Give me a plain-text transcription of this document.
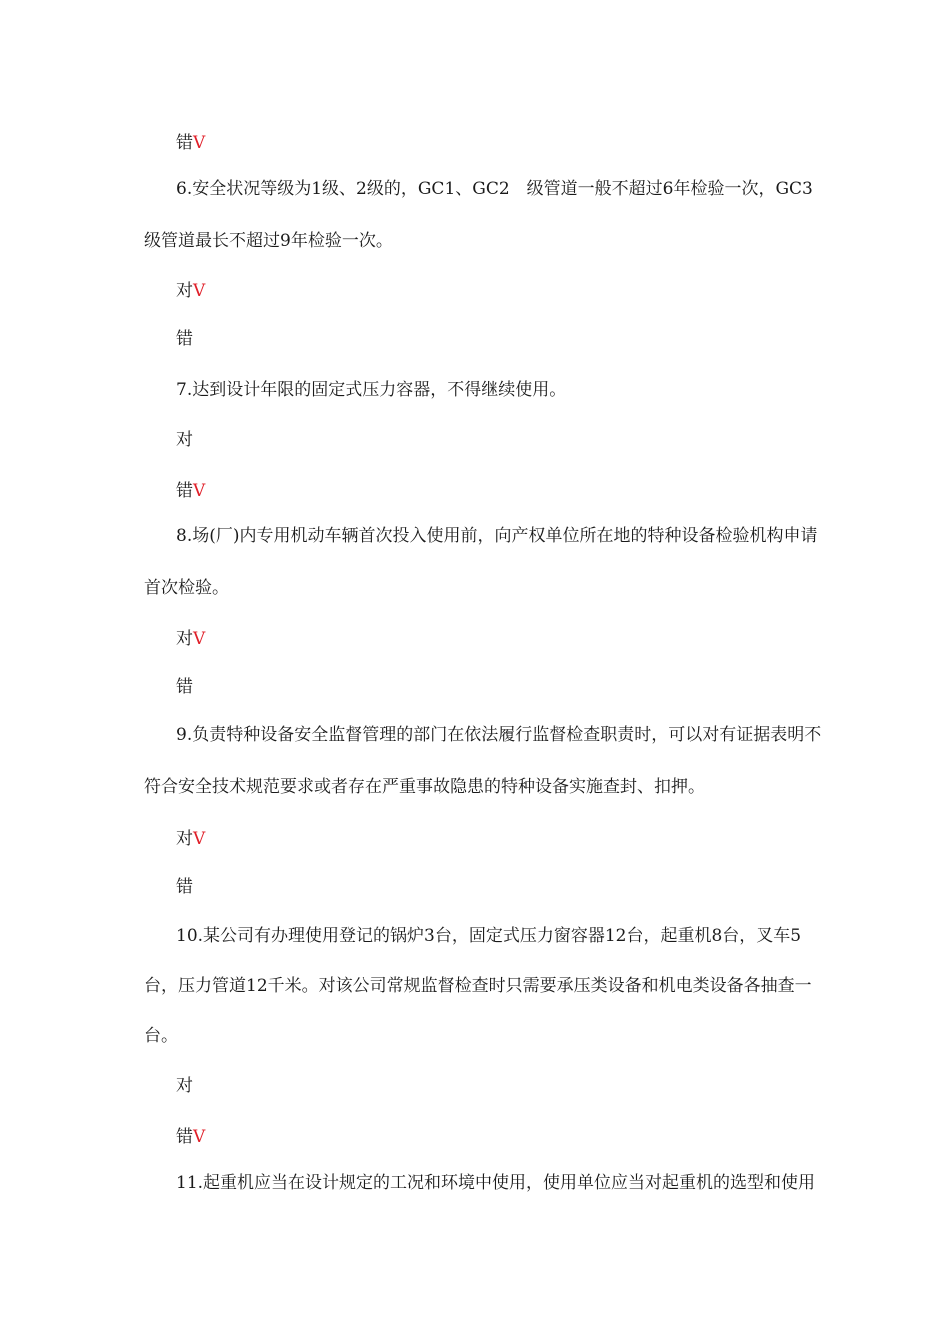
错V
6.安全状况等级为1级、2级的，GC1、GC2　级管道一般不超过6年检验一次，GC3
级管道最长不超过9年检验一次。
对V
错
7.达到设计年限的固定式压力容器，不得继续使用。
对
错V
8.场(厂)内专用机动车辆首次投入使用前，向产权单位所在地的特种设备检验机构申请
首次检验。
对V
错
9.负责特种设备安全监督管理的部门在依法履行监督检查职责时，可以对有证据表明不
符合安全技术规范要求或者存在严重事故隐患的特种设备实施查封、扣押。
对V
错
10.某公司有办理使用登记的锅炉3台，固定式压力窗容器12台，起重机8台，叉车5
台，压力管道12千米。对该公司常规监督检查时只需要承压类设备和机电类设备各抽查一
台。
对
错V
11.起重机应当在设计规定的工况和环境中使用，使用单位应当对起重机的选型和使用
